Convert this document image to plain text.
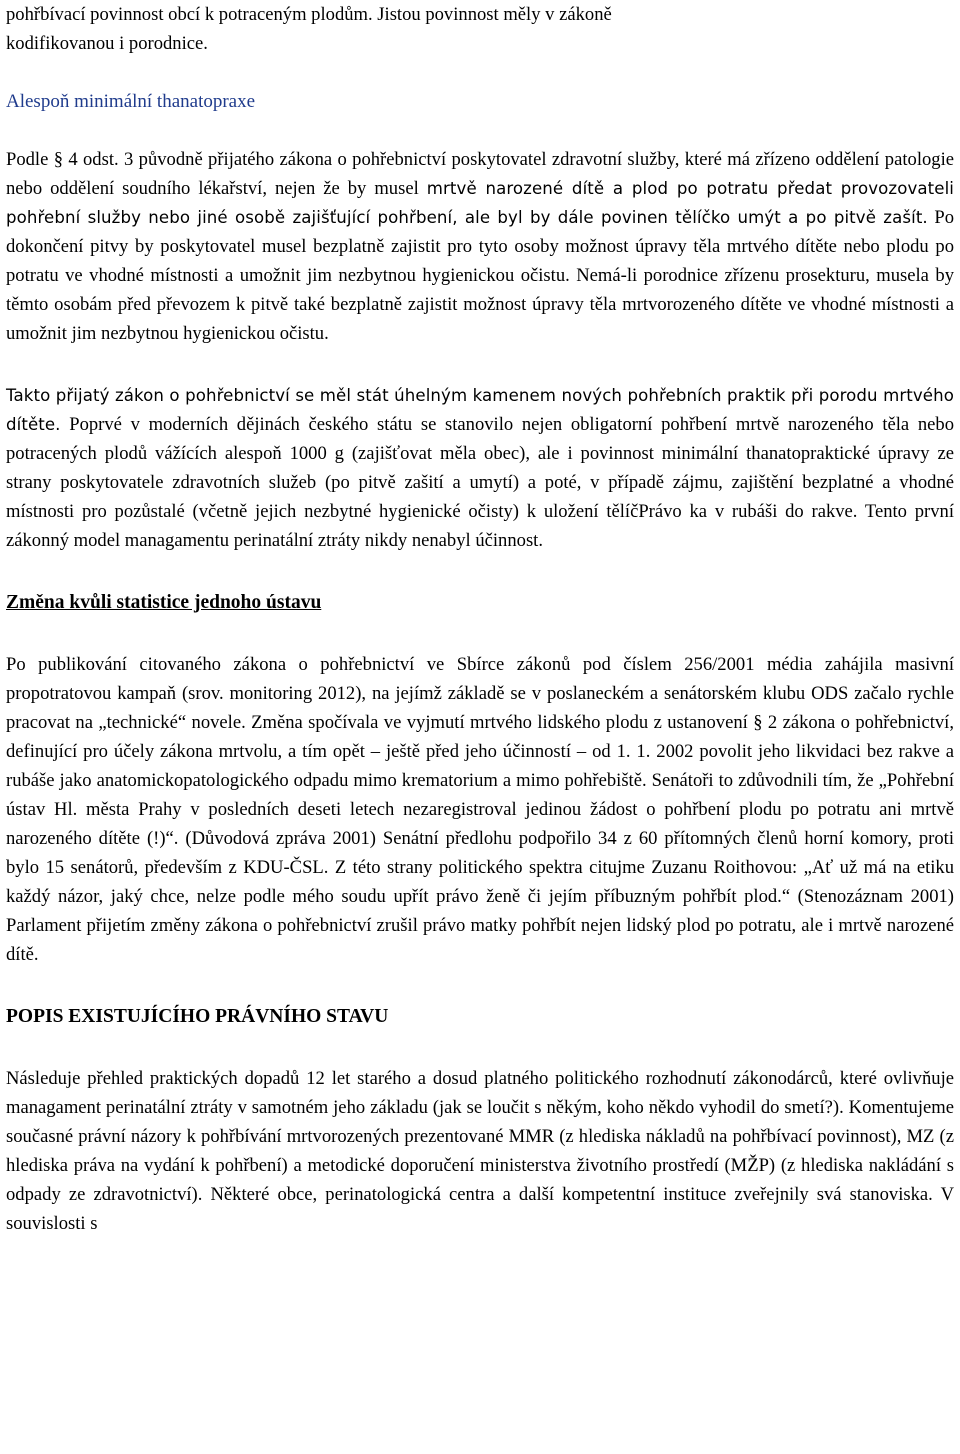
pohřbívací povinnost obcí k potraceným plodům. Jistou povinnost měly v zákoně
kodifikovanou i porodnice.

Alespoň minimální thanatopraxe

Podle § 4 odst. 3 původně přijatého zákona o pohřebnictví poskytovatel zdravotní služby, které má zřízeno oddělení patologie nebo oddělení soudního lékařství, nejen že by musel mrtvě narozené dítě a plod po potratu předat provozovateli pohřební služby nebo jiné osobě zajišťující pohřbení, ale byl by dále povinen tělíčko umýt a po pitvě zašít. Po dokončení pitvy by poskytovatel musel bezplatně zajistit pro tyto osoby možnost úpravy těla mrtvého dítěte nebo plodu po potratu ve vhodné místnosti a umožnit jim nezbytnou hygienickou očistu. Nemá-li porodnice zřízenu prosekturu, musela by těmto osobám před převozem k pitvě také bezplatně zajistit možnost úpravy těla mrtvorozeného dítěte ve vhodné místnosti a umožnit jim nezbytnou hygienickou očistu.

Takto přijatý zákon o pohřebnictví se měl stát úhelným kamenem nových pohřebních praktik při porodu mrtvého dítěte. Poprvé v moderních dějinách českého státu se stanovilo nejen obligatorní pohřbení mrtvě narozeného těla nebo potracených plodů vážících alespoň 1000 g (zajišťovat měla obec), ale i povinnost minimální thanatopraktické úpravy ze strany poskytovatele zdravotních služeb (po pitvě zašití a umytí) a poté, v případě zájmu, zajištění bezplatné a vhodné místnosti pro pozůstalé (včetně jejich nezbytné hygienické očisty) k uložení tělíčPrávo ka v rubáši do rakve. Tento první zákonný model managamentu perinatální ztráty nikdy nenabyl účinnost.

Změna kvůli statistice jednoho ústavu

Po publikování citovaného zákona o pohřebnictví ve Sbírce zákonů pod číslem 256/2001 média zahájila masivní propotratovou kampaň (srov. monitoring 2012), na jejímž základě se v poslaneckém a senátorském klubu ODS začalo rychle pracovat na „technické“ novele. Změna spočívala ve vyjmutí mrtvého lidského plodu z ustanovení § 2 zákona o pohřebnictví, definující pro účely zákona mrtvolu, a tím opět – ještě před jeho účinností – od 1. 1. 2002 povolit jeho likvidaci bez rakve a rubáše jako anatomickopatologického odpadu mimo krematorium a mimo pohřebiště. Senátoři to zdůvodnili tím, že „Pohřební ústav Hl. města Prahy v posledních deseti letech nezaregistroval jedinou žádost o pohřbení plodu po potratu ani mrtvě narozeného dítěte (!)“. (Důvodová zpráva 2001) Senátní předlohu podpořilo 34 z 60 přítomných členů horní komory, proti bylo 15 senátorů, především z KDU-ČSL. Z této strany politického spektra citujme Zuzanu Roithovou: „Ať už má na etiku každý názor, jaký chce, nelze podle mého soudu upřít právo ženě či jejím příbuzným pohřbít plod.“ (Stenozáznam 2001) Parlament přijetím změny zákona o pohřebnictví zrušil právo matky pohřbít nejen lidský plod po potratu, ale i mrtvě narozené dítě.

POPIS EXISTUJÍCÍHO PRÁVNÍHO STAVU

Následuje přehled praktických dopadů 12 let starého a dosud platného politického rozhodnutí zákonodárců, které ovlivňuje managament perinatální ztráty v samotném jeho základu (jak se loučit s někým, koho někdo vyhodil do smetí?). Komentujeme současné právní názory k pohřbívání mrtvorozených prezentované MMR (z hlediska nákladů na pohřbívací povinnost), MZ (z hlediska práva na vydání k pohřbení) a metodické doporučení ministerstva životního prostředí (MŽP) (z hlediska nakládání s odpady ze zdravotnictví). Některé obce, perinatologická centra a další kompetentní instituce zveřejnily svá stanoviska. V souvislosti s
